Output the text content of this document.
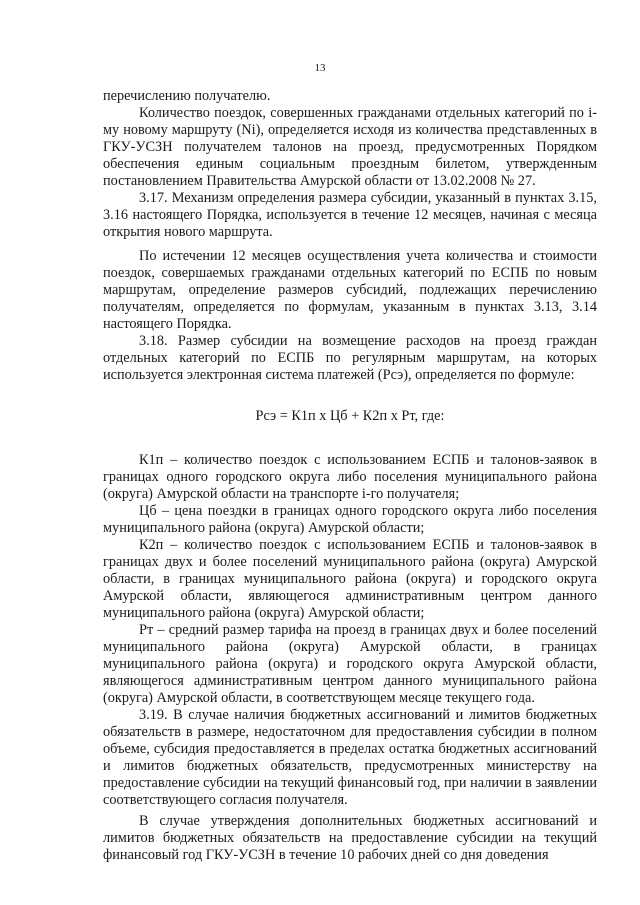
13

перечислению получателю.

Количество поездок, совершенных гражданами отдельных категорий по i-му новому маршруту (Ni), определяется исходя из количества представленных в ГКУ-УСЗН получателем талонов на проезд, предусмотренных Порядком обеспечения единым социальным проездным билетом, утвержденным постановлением Правительства Амурской области от 13.02.2008 № 27.

3.17. Механизм определения размера субсидии, указанный в пунктах 3.15, 3.16 настоящего Порядка, используется в течение 12 месяцев, начиная с месяца открытия нового маршрута.

По истечении 12 месяцев осуществления учета количества и стоимости поездок, совершаемых гражданами отдельных категорий по ЕСПБ по новым маршрутам, определение размеров субсидий, подлежащих перечислению получателям, определяется по формулам, указанным в пунктах 3.13, 3.14 настоящего Порядка.

3.18. Размер субсидии на возмещение расходов на проезд граждан отдельных категорий по ЕСПБ по регулярным маршрутам, на которых используется электронная система платежей (Рсэ), определяется по формуле:

Рсэ = К1п х Цб + К2п х Рт, где:

К1п – количество поездок с использованием ЕСПБ и талонов-заявок в границах одного городского округа либо поселения муниципального района (округа) Амурской области на транспорте i-го получателя;

Цб – цена поездки в границах одного городского округа либо поселения муниципального района (округа) Амурской области;

К2п – количество поездок с использованием ЕСПБ и талонов-заявок в границах двух и более поселений муниципального района (округа) Амурской области, в границах муниципального района (округа) и городского округа Амурской области, являющегося административным центром данного муниципального района (округа) Амурской области;

Рт – средний размер тарифа на проезд в границах двух и более поселений муниципального района (округа) Амурской области, в границах муниципального района (округа) и городского округа Амурской области, являющегося административным центром данного муниципального района (округа) Амурской области, в соответствующем месяце текущего года.

3.19. В случае наличия бюджетных ассигнований и лимитов бюджетных обязательств в размере, недостаточном для предоставления субсидии в полном объеме, субсидия предоставляется в пределах остатка бюджетных ассигнований и лимитов бюджетных обязательств, предусмотренных министерству на предоставление субсидии на текущий финансовый год, при наличии в заявлении соответствующего согласия получателя.

В случае утверждения дополнительных бюджетных ассигнований и лимитов бюджетных обязательств на предоставление субсидии на текущий финансовый год ГКУ-УСЗН в течение 10 рабочих дней со дня доведения
